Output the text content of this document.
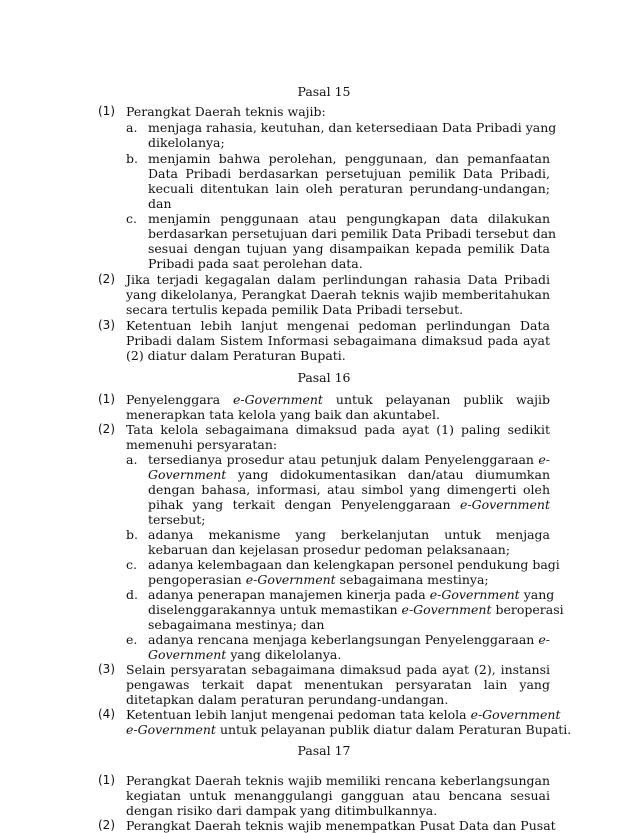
Pasal 15
(1) Perangkat Daerah teknis wajib:
a. menjaga rahasia, keutuhan, dan ketersediaan Data Pribadi yang
dikelolanya;
b. menjamin bahwa perolehan, penggunaan, dan pemanfaatan
Data Pribadi berdasarkan persetujuan pemilik Data Pribadi,
kecuali ditentukan lain oleh peraturan perundang-undangan;
dan
c. menjamin penggunaan atau pengungkapan data dilakukan
berdasarkan persetujuan dari pemilik Data Pribadi tersebut dan
sesuai dengan tujuan yang disampaikan kepada pemilik Data
Pribadi pada saat perolehan data.
(2) Jika terjadi kegagalan dalam perlindungan rahasia Data Pribadi
yang dikelolanya, Perangkat Daerah teknis wajib memberitahukan
secara tertulis kepada pemilik Data Pribadi tersebut.
(3) Ketentuan lebih lanjut mengenai pedoman perlindungan Data
Pribadi dalam Sistem Informasi sebagaimana dimaksud pada ayat
(2) diatur dalam Peraturan Bupati.
Pasal 16
(1) Penyelenggara e-Government untuk pelayanan publik wajib
menerapkan tata kelola yang baik dan akuntabel.
(2) Tata kelola sebagaimana dimaksud pada ayat (1) paling sedikit
memenuhi persyaratan:
a. tersedianya prosedur atau petunjuk dalam Penyelenggaraan e-
Government yang didokumentasikan dan/atau diumumkan
dengan bahasa, informasi, atau simbol yang dimengerti oleh
pihak yang terkait dengan Penyelenggaraan e-Government
tersebut;
b. adanya mekanisme yang berkelanjutan untuk menjaga
kebaruan dan kejelasan prosedur pedoman pelaksanaan;
c. adanya kelembagaan dan kelengkapan personel pendukung bagi
pengoperasian e-Government sebagaimana mestinya;
d. adanya penerapan manajemen kinerja pada e-Government yang
diselenggarakannya untuk memastikan e-Government beroperasi
sebagaimana mestinya; dan
e. adanya rencana menjaga keberlangsungan Penyelenggaraan e-
Government yang dikelolanya.
(3) Selain persyaratan sebagaimana dimaksud pada ayat (2), instansi
pengawas terkait dapat menentukan persyaratan lain yang
ditetapkan dalam peraturan perundang-undangan.
(4) Ketentuan lebih lanjut mengenai pedoman tata kelola e-Government
e-Government untuk pelayanan publik diatur dalam Peraturan Bupati.
Pasal 17
(1) Perangkat Daerah teknis wajib memiliki rencana keberlangsungan
kegiatan untuk menanggulangi gangguan atau bencana sesuai
dengan risiko dari dampak yang ditimbulkannya.
(2) Perangkat Daerah teknis wajib menempatkan Pusat Data dan Pusat
